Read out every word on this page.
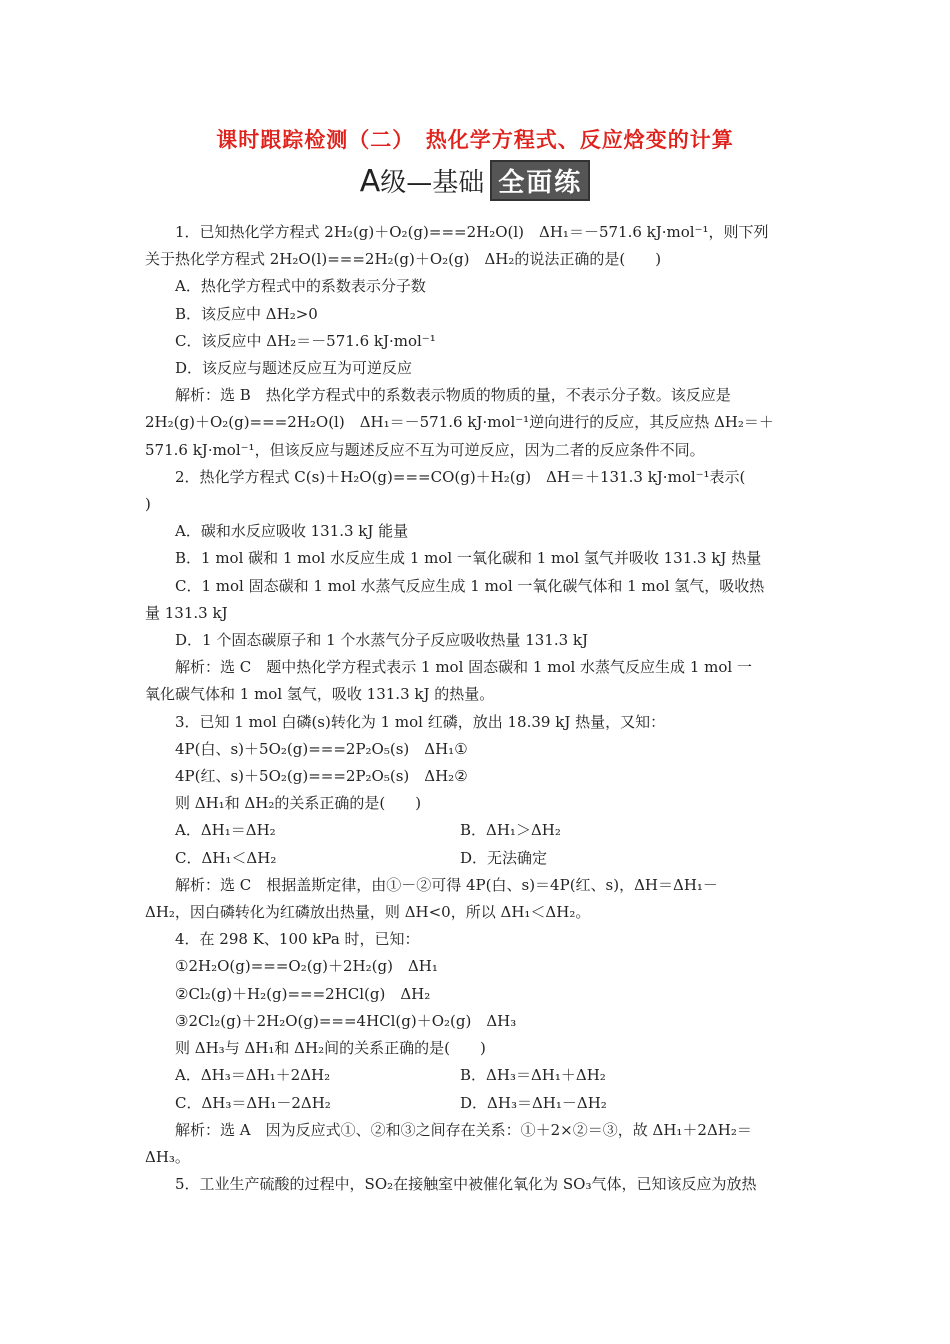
课时跟踪检测（二）　热化学方程式、反应焓变的计算
A级—基础 全面练
1．已知热化学方程式 2H₂(g)＋O₂(g)===2H₂O(l)　ΔH₁＝－571.6 kJ·mol⁻¹，则下列
关于热化学方程式 2H₂O(l)===2H₂(g)＋O₂(g)　ΔH₂的说法正确的是(　　)
A．热化学方程式中的系数表示分子数
B．该反应中 ΔH₂>0
C．该反应中 ΔH₂＝－571.6 kJ·mol⁻¹
D．该反应与题述反应互为可逆反应
解析：选 B　热化学方程式中的系数表示物质的物质的量，不表示分子数。该反应是
2H₂(g)＋O₂(g)===2H₂O(l)　ΔH₁＝－571.6 kJ·mol⁻¹逆向进行的反应，其反应热 ΔH₂＝＋
571.6 kJ·mol⁻¹，但该反应与题述反应不互为可逆反应，因为二者的反应条件不同。
2．热化学方程式 C(s)＋H₂O(g)===CO(g)＋H₂(g)　ΔH＝＋131.3 kJ·mol⁻¹表示(
)
A．碳和水反应吸收 131.3 kJ 能量
B．1 mol 碳和 1 mol 水反应生成 1 mol 一氧化碳和 1 mol 氢气并吸收 131.3 kJ 热量
C．1 mol 固态碳和 1 mol 水蒸气反应生成 1 mol 一氧化碳气体和 1 mol 氢气，吸收热
量 131.3 kJ
D．1 个固态碳原子和 1 个水蒸气分子反应吸收热量 131.3 kJ
解析：选 C　题中热化学方程式表示 1 mol 固态碳和 1 mol 水蒸气反应生成 1 mol 一
氧化碳气体和 1 mol 氢气，吸收 131.3 kJ 的热量。
3．已知 1 mol 白磷(s)转化为 1 mol 红磷，放出 18.39 kJ 热量，又知：
4P(白、s)＋5O₂(g)===2P₂O₅(s)　ΔH₁①
4P(红、s)＋5O₂(g)===2P₂O₅(s)　ΔH₂②
则 ΔH₁和 ΔH₂的关系正确的是(　　)
A．ΔH₁＝ΔH₂	B．ΔH₁＞ΔH₂
C．ΔH₁＜ΔH₂	D．无法确定
解析：选 C　根据盖斯定律，由①－②可得 4P(白、s)＝4P(红、s)，ΔH＝ΔH₁－
ΔH₂，因白磷转化为红磷放出热量，则 ΔH<0，所以 ΔH₁＜ΔH₂。
4．在 298 K、100 kPa 时，已知：
①2H₂O(g)===O₂(g)＋2H₂(g)　ΔH₁
②Cl₂(g)＋H₂(g)===2HCl(g)　ΔH₂
③2Cl₂(g)＋2H₂O(g)===4HCl(g)＋O₂(g)　ΔH₃
则 ΔH₃与 ΔH₁和 ΔH₂间的关系正确的是(　　)
A．ΔH₃＝ΔH₁＋2ΔH₂	B．ΔH₃＝ΔH₁＋ΔH₂
C．ΔH₃＝ΔH₁－2ΔH₂	D．ΔH₃＝ΔH₁－ΔH₂
解析：选 A　因为反应式①、②和③之间存在关系：①＋2×②＝③，故 ΔH₁＋2ΔH₂＝
ΔH₃。
5．工业生产硫酸的过程中，SO₂在接触室中被催化氧化为 SO₃气体，已知该反应为放热
